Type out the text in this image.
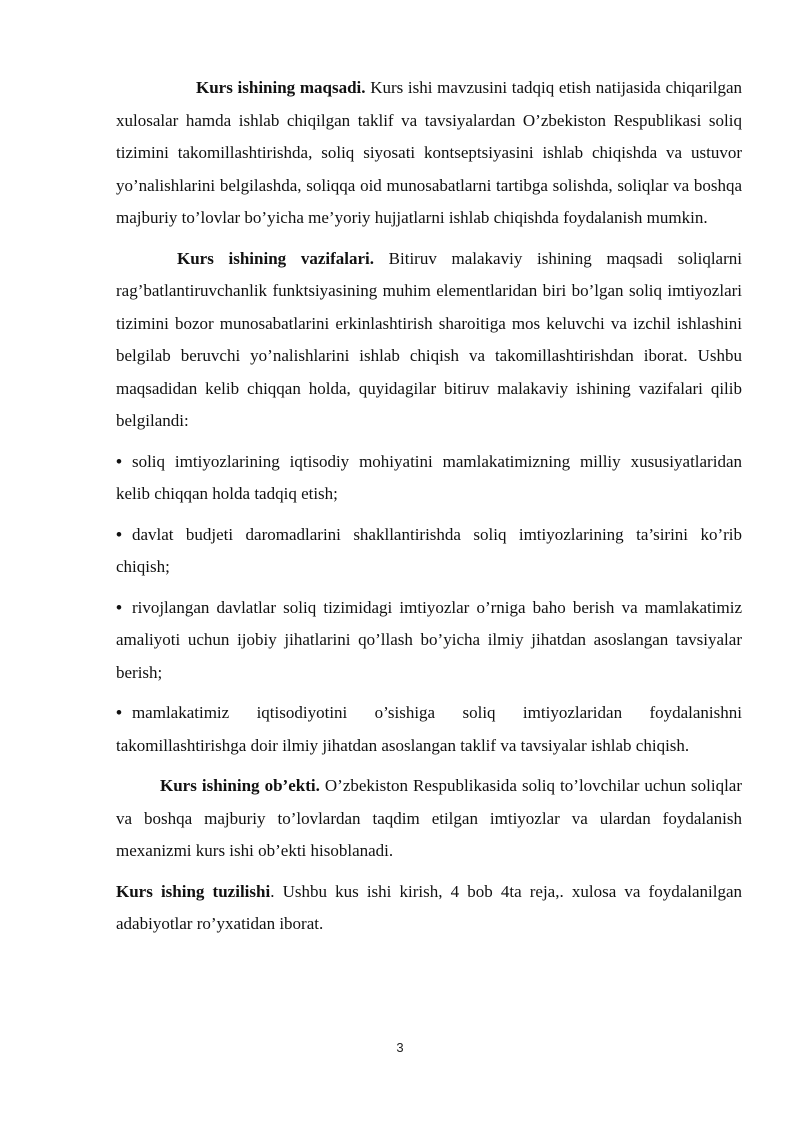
Kurs ishining maqsadi. Kurs ishi mavzusini tadqiq etish natijasida chiqarilgan xulosalar hamda ishlab chiqilgan taklif va tavsiyalardan O’zbekiston Respublikasi soliq tizimini takomillashtirishda, soliq siyosati kontseptsiyasini ishlab chiqishda va ustuvor yo’nalishlarini belgilashda, soliqqa oid munosabatlarni tartibga solishda, soliqlar va boshqa majburiy to’lovlar bo’yicha me’yoriy hujjatlarni ishlab chiqishda foydalanish mumkin.

Kurs ishining vazifalari. Bitiruv malakaviy ishining maqsadi soliqlarni rag’batlantiruvchanlik funktsiyasining muhim elementlaridan biri bo’lgan soliq imtiyozlari tizimini bozor munosabatlarini erkinlashtirish sharoitiga mos keluvchi va izchil ishlashini belgilab beruvchi yo’nalishlarini ishlab chiqish va takomillashtirishdan iborat. Ushbu maqsadidan kelib chiqqan holda, quyidagilar bitiruv malakaviy ishining vazifalari qilib belgilandi:

• soliq imtiyozlarining iqtisodiy mohiyatini mamlakatimizning milliy xususiyatlaridan kelib chiqqan holda tadqiq etish;

• davlat budjeti daromadlarini shakllantirishda soliq imtiyozlarining ta’sirini ko’rib chiqish;

• rivojlangan davlatlar soliq tizimidagi imtiyozlar o’rniga baho berish va mamlakatimiz amaliyoti uchun ijobiy jihatlarini qo’llash bo’yicha ilmiy jihatdan asoslangan tavsiyalar berish;

• mamlakatimiz iqtisodiyotini o’sishiga soliq imtiyozlaridan foydalanishni takomillashtirishga doir ilmiy jihatdan asoslangan taklif va tavsiyalar ishlab chiqish.

Kurs ishining ob’ekti. O’zbekiston Respublikasida soliq to’lovchilar uchun soliqlar va boshqa majburiy to’lovlardan taqdim etilgan imtiyozlar va ulardan foydalanish mexanizmi kurs ishi ob’ekti hisoblanadi.

Kurs ishing tuzilishi. Ushbu kus ishi kirish, 4 bob 4ta reja,. xulosa va foydalanilgan adabiyotlar ro’yxatidan iborat.

3
